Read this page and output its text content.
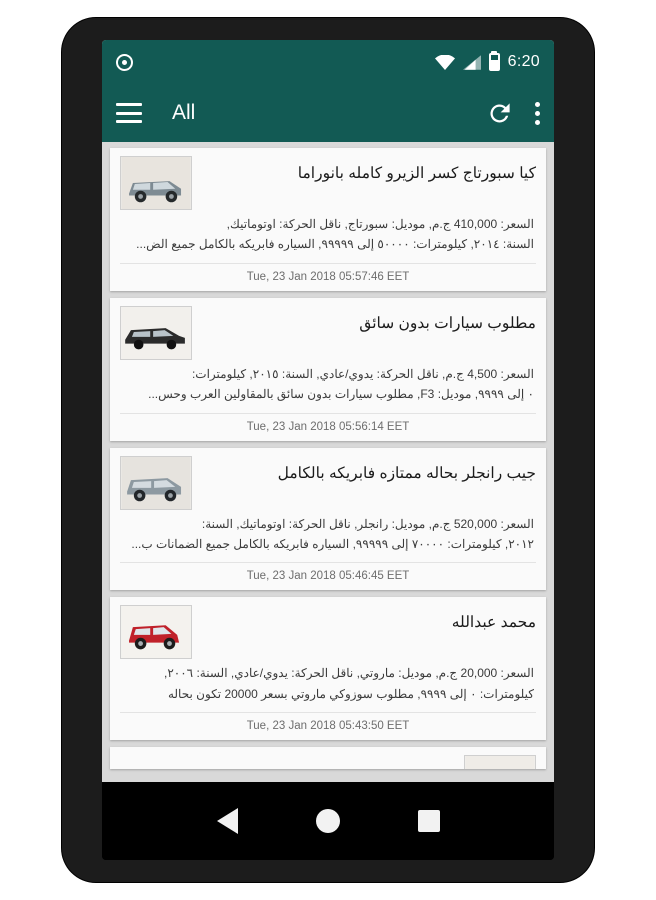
6:20
All
كيا سبورتاج كسر الزيرو كامله بانوراما
السعر: 410,000 ج.م, موديل: سبورتاج, ناقل الحركة: اوتوماتيك,
السنة: ٢٠١٤, كيلومترات: ٥٠٠٠٠ إلى ٩٩٩٩٩, السياره فابريكه بالكامل جميع الض...
Tue, 23 Jan 2018 05:57:46 EET
مطلوب سيارات بدون سائق
السعر: 4,500 ج.م, ناقل الحركة: يدوي/عادي, السنة: ٢٠١٥, كيلومترات:
٠ إلى ٩٩٩٩, موديل: F3, مطلوب سيارات بدون سائق بالمقاولين العرب وحس...
Tue, 23 Jan 2018 05:56:14 EET
جيب رانجلر بحاله ممتازه فابريكه بالكامل
السعر: 520,000 ج.م, موديل: رانجلر, ناقل الحركة: اوتوماتيك, السنة:
٢٠١٢, كيلومترات: ٧٠٠٠٠ إلى ٩٩٩٩٩, السياره فابريكه بالكامل جميع الضمانات ب...
Tue, 23 Jan 2018 05:46:45 EET
محمد عبدالله
السعر: 20,000 ج.م, موديل: ماروتي, ناقل الحركة: يدوي/عادي, السنة: ٢٠٠٦,
كيلومترات: ٠ إلى ٩٩٩٩, مطلوب سوزوكي ماروتي بسعر 20000 تكون بحاله
Tue, 23 Jan 2018 05:43:50 EET
